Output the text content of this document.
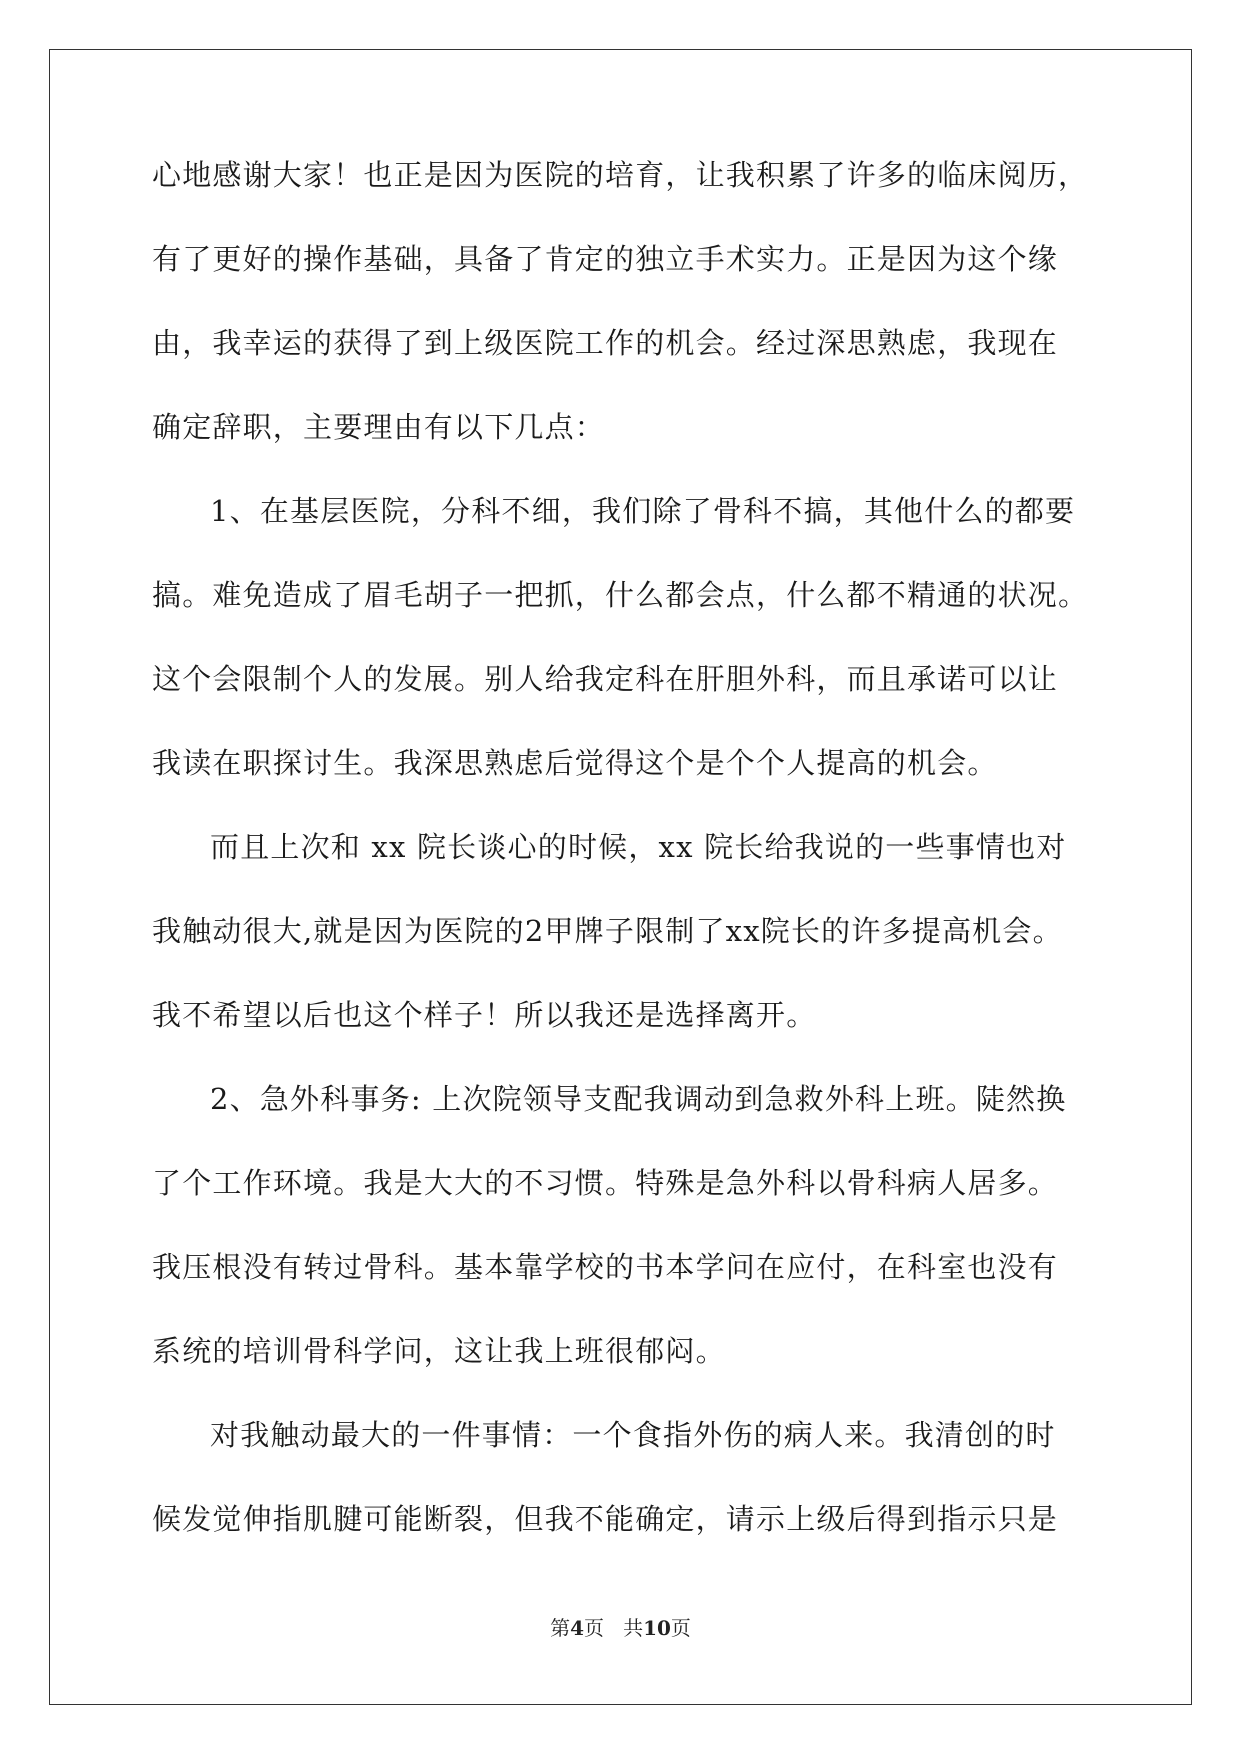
心地感谢大家！也正是因为医院的培育，让我积累了许多的临床阅历，
有了更好的操作基础，具备了肯定的独立手术实力。正是因为这个缘
由，我幸运的获得了到上级医院工作的机会。经过深思熟虑，我现在
确定辞职，主要理由有以下几点：
1、在基层医院，分科不细，我们除了骨科不搞，其他什么的都要
搞。难免造成了眉毛胡子一把抓，什么都会点，什么都不精通的状况。
这个会限制个人的发展。别人给我定科在肝胆外科，而且承诺可以让
我读在职探讨生。我深思熟虑后觉得这个是个个人提高的机会。
而且上次和 xx 院长谈心的时候，xx 院长给我说的一些事情也对
我触动很大,就是因为医院的2甲牌子限制了xx院长的许多提高机会。
我不希望以后也这个样子！所以我还是选择离开。
2、急外科事务: 上次院领导支配我调动到急救外科上班。陡然换
了个工作环境。我是大大的不习惯。特殊是急外科以骨科病人居多。
我压根没有转过骨科。基本靠学校的书本学问在应付，在科室也没有
系统的培训骨科学问，这让我上班很郁闷。
对我触动最大的一件事情：一个食指外伤的病人来。我清创的时
候发觉伸指肌腱可能断裂，但我不能确定，请示上级后得到指示只是
第4页 共10页
